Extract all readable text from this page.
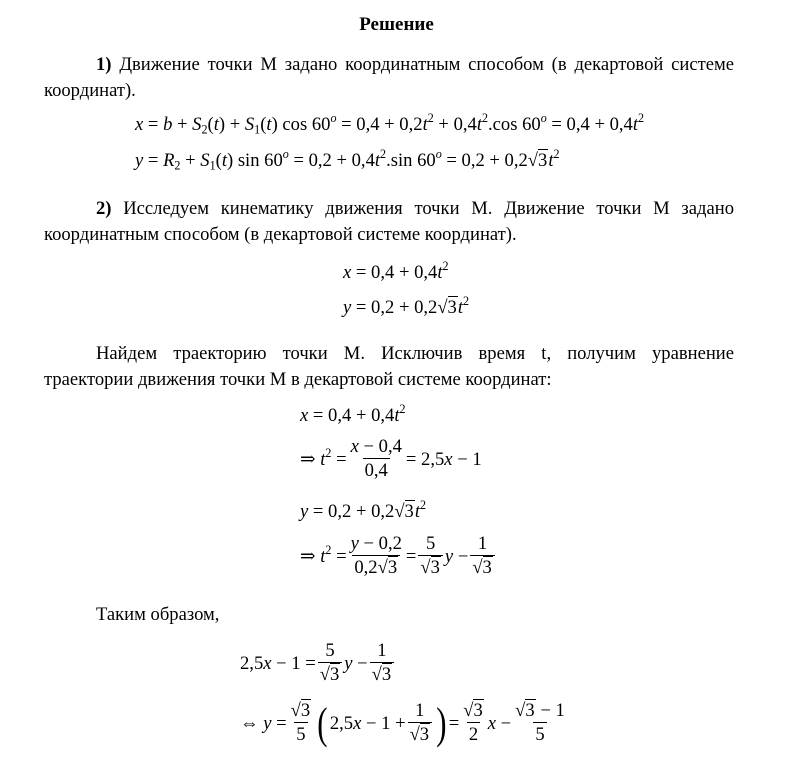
Решение
1) Движение точки М задано координатным способом (в декартовой системе координат).
$x = b + S_2(t) + S_1(t)$ $\cos 60^o = 0,4 + 0,2t^2 + 0,4t^2.\cos$ $60^o = 0,4 + 0,4t^2$
$y = R_2 + S_1(t)$ $\sin 60^o = 0,2 + 0,4t^2.\sin$ $60^o = 0,2 + 0,2√3t^2$
2) Исследуем кинематику движения точки М. Движение точки М задано координатным способом (в декартовой системе координат).
$x = 0,4 + 0,4t^2$
$y = 0,2 + 0,2√3t^2$
Найдем траекторию точки М. Исключив время t, получим уравнение траектории движения точки М в декартовой системе координат:
$x = 0,4 + 0,4t^2$
⇒ $t^2 = \frac{x - 0,4}{0,4} = 2,5x - 1$
$y = 0,2 + 0,2√3t^2$
⇒ $t^2 = \frac{y - 0,2}{0,2√3} = \frac{5}{√3}$ $y - \frac{1}{√3}$
Таким образом,
$2,5x - 1 = \frac{5}{√3}$ $y - \frac{1}{√3}$
⇔ $y = \frac{√3}{5}$ ( $2,5x - 1 + \frac{1}{√3}$ ) = $\frac{√3}{2}$ $x - \frac{√3 - 1}{5}$
